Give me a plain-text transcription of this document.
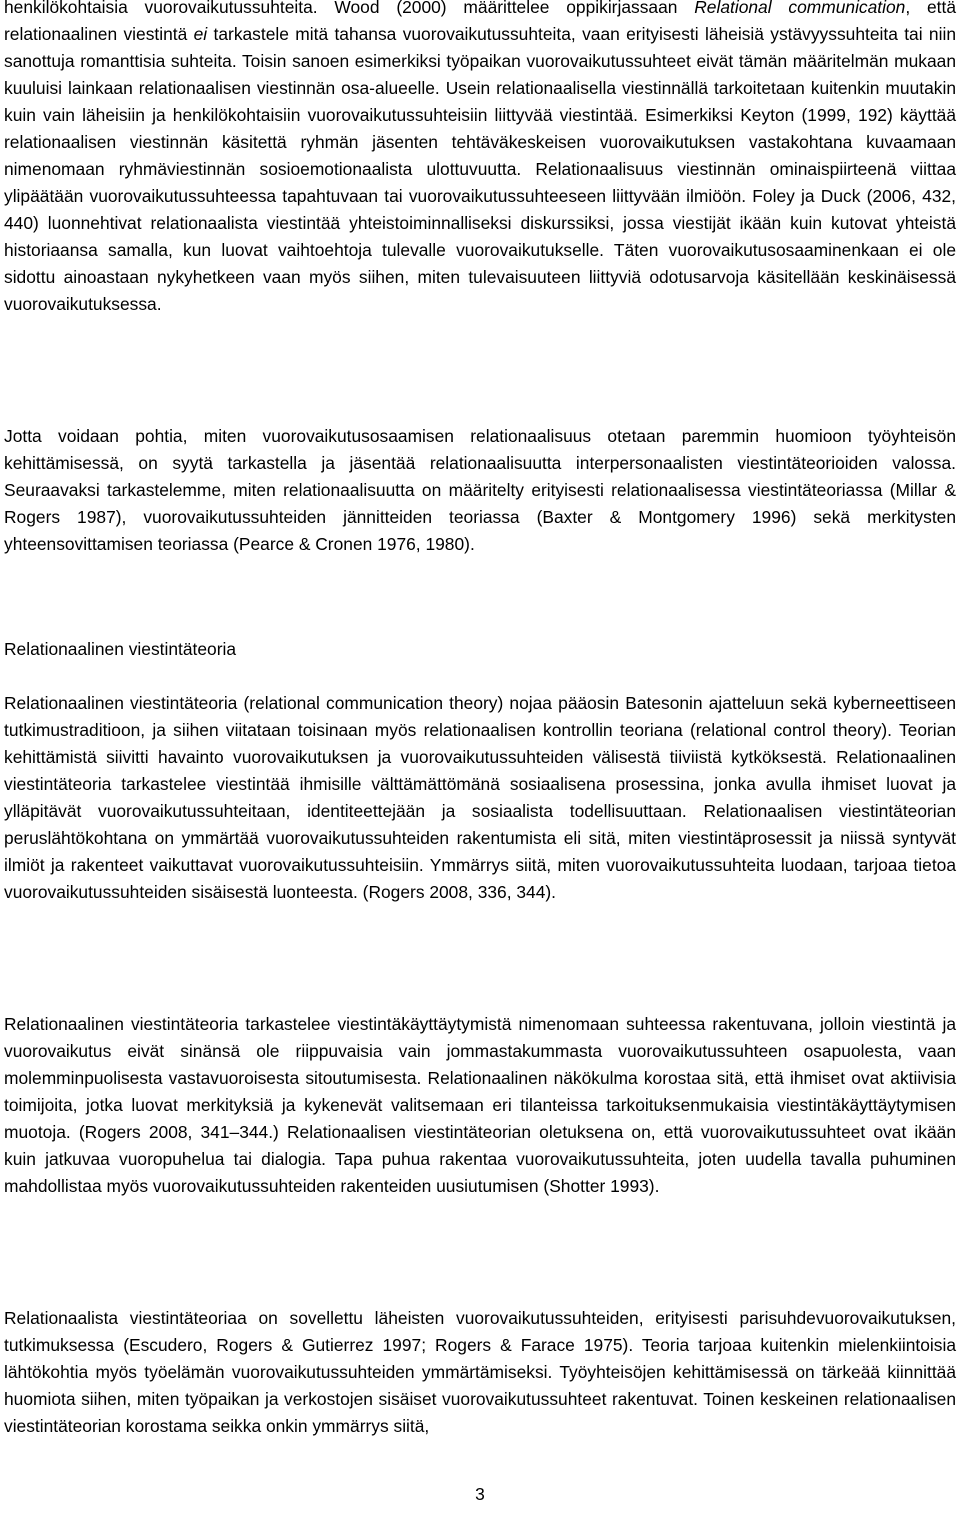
henkilökohtaisia vuorovaikutussuhteita. Wood (2000) määrittelee oppikirjassaan Relational communication, että relationaalinen viestintä ei tarkastele mitä tahansa vuorovaikutussuhteita, vaan erityisesti läheisiä ystävyyssuhteita tai niin sanottuja romanttisia suhteita. Toisin sanoen esimerkiksi työpaikan vuorovaikutussuhteet eivät tämän määritelmän mukaan kuuluisi lainkaan relationaalisen viestinnän osa-alueelle. Usein relationaalisella viestinnällä tarkoitetaan kuitenkin muutakin kuin vain läheisiin ja henkilökohtaisiin vuorovaikutussuhteisiin liittyvää viestintää. Esimerkiksi Keyton (1999, 192) käyttää relationaalisen viestinnän käsitettä ryhmän jäsenten tehtäväkeskeisen vuorovaikutuksen vastakohtana kuvaamaan nimenomaan ryhmäviestinnän sosioemotionaalista ulottuvuutta. Relationaalisuus viestinnän ominaispiirteenä viittaa ylipäätään vuorovaikutussuhteessa tapahtuvaan tai vuorovaikutussuhteeseen liittyvään ilmiöön. Foley ja Duck (2006, 432, 440) luonnehtivat relationaalista viestintää yhteistoiminnalliseksi diskurssiksi, jossa viestijät ikään kuin kutovat yhteistä historiaansa samalla, kun luovat vaihtoehtoja tulevalle vuorovaikutukselle. Täten vuorovaikutusosaaminenkaan ei ole sidottu ainoastaan nykyhetkeen vaan myös siihen, miten tulevaisuuteen liittyviä odotusarvoja käsitellään keskinäisessä vuorovaikutuksessa.

Jotta voidaan pohtia, miten vuorovaikutusosaamisen relationaalisuus otetaan paremmin huomioon työyhteisön kehittämisessä, on syytä tarkastella ja jäsentää relationaalisuutta interpersonaalisten viestintäteorioiden valossa. Seuraavaksi tarkastelemme, miten relationaalisuutta on määritelty erityisesti relationaalisessa viestintäteoriassa (Millar & Rogers 1987), vuorovaikutussuhteiden jännitteiden teoriassa (Baxter & Montgomery 1996) sekä merkitysten yhteensovittamisen teoriassa (Pearce & Cronen 1976, 1980).

Relationaalinen viestintäteoria

Relationaalinen viestintäteoria (relational communication theory) nojaa pääosin Batesonin ajatteluun sekä kyberneettiseen tutkimustraditioon, ja siihen viitataan toisinaan myös relationaalisen kontrollin teoriana (relational control theory). Teorian kehittämistä siivitti havainto vuorovaikutuksen ja vuorovaikutussuhteiden välisestä tiiviistä kytköksestä. Relationaalinen viestintäteoria tarkastelee viestintää ihmisille välttämättömänä sosiaalisena prosessina, jonka avulla ihmiset luovat ja ylläpitävät vuorovaikutussuhteitaan, identiteettejään ja sosiaalista todellisuuttaan. Relationaalisen viestintäteorian peruslähtökohtana on ymmärtää vuorovaikutussuhteiden rakentumista eli sitä, miten viestintäprosessit ja niissä syntyvät ilmiöt ja rakenteet vaikuttavat vuorovaikutussuhteisiin. Ymmärrys siitä, miten vuorovaikutussuhteita luodaan, tarjoaa tietoa vuorovaikutussuhteiden sisäisestä luonteesta. (Rogers 2008, 336, 344).

Relationaalinen viestintäteoria tarkastelee viestintäkäyttäytymistä nimenomaan suhteessa rakentuvana, jolloin viestintä ja vuorovaikutus eivät sinänsä ole riippuvaisia vain jommastakummasta vuorovaikutussuhteen osapuolesta, vaan molemminpuolisesta vastavuoroisesta sitoutumisesta. Relationaalinen näkökulma korostaa sitä, että ihmiset ovat aktiivisia toimijoita, jotka luovat merkityksiä ja kykenevät valitsemaan eri tilanteissa tarkoituksenmukaisia viestintäkäyttäytymisen muotoja. (Rogers 2008, 341–344.) Relationaalisen viestintäteorian oletuksena on, että vuorovaikutussuhteet ovat ikään kuin jatkuvaa vuoropuhelua tai dialogia. Tapa puhua rakentaa vuorovaikutussuhteita, joten uudella tavalla puhuminen mahdollistaa myös vuorovaikutussuhteiden rakenteiden uusiutumisen (Shotter 1993).

Relationaalista viestintäteoriaa on sovellettu läheisten vuorovaikutussuhteiden, erityisesti parisuhdevuorovaikutuksen, tutkimuksessa (Escudero, Rogers & Gutierrez 1997; Rogers & Farace 1975). Teoria tarjoaa kuitenkin mielenkiintoisia lähtökohtia myös työelämän vuorovaikutussuhteiden ymmärtämiseksi. Työyhteisöjen kehittämisessä on tärkeää kiinnittää huomiota siihen, miten työpaikan ja verkostojen sisäiset vuorovaikutussuhteet rakentuvat. Toinen keskeinen relationaalisen viestintäteorian korostama seikka onkin ymmärrys siitä,

3
